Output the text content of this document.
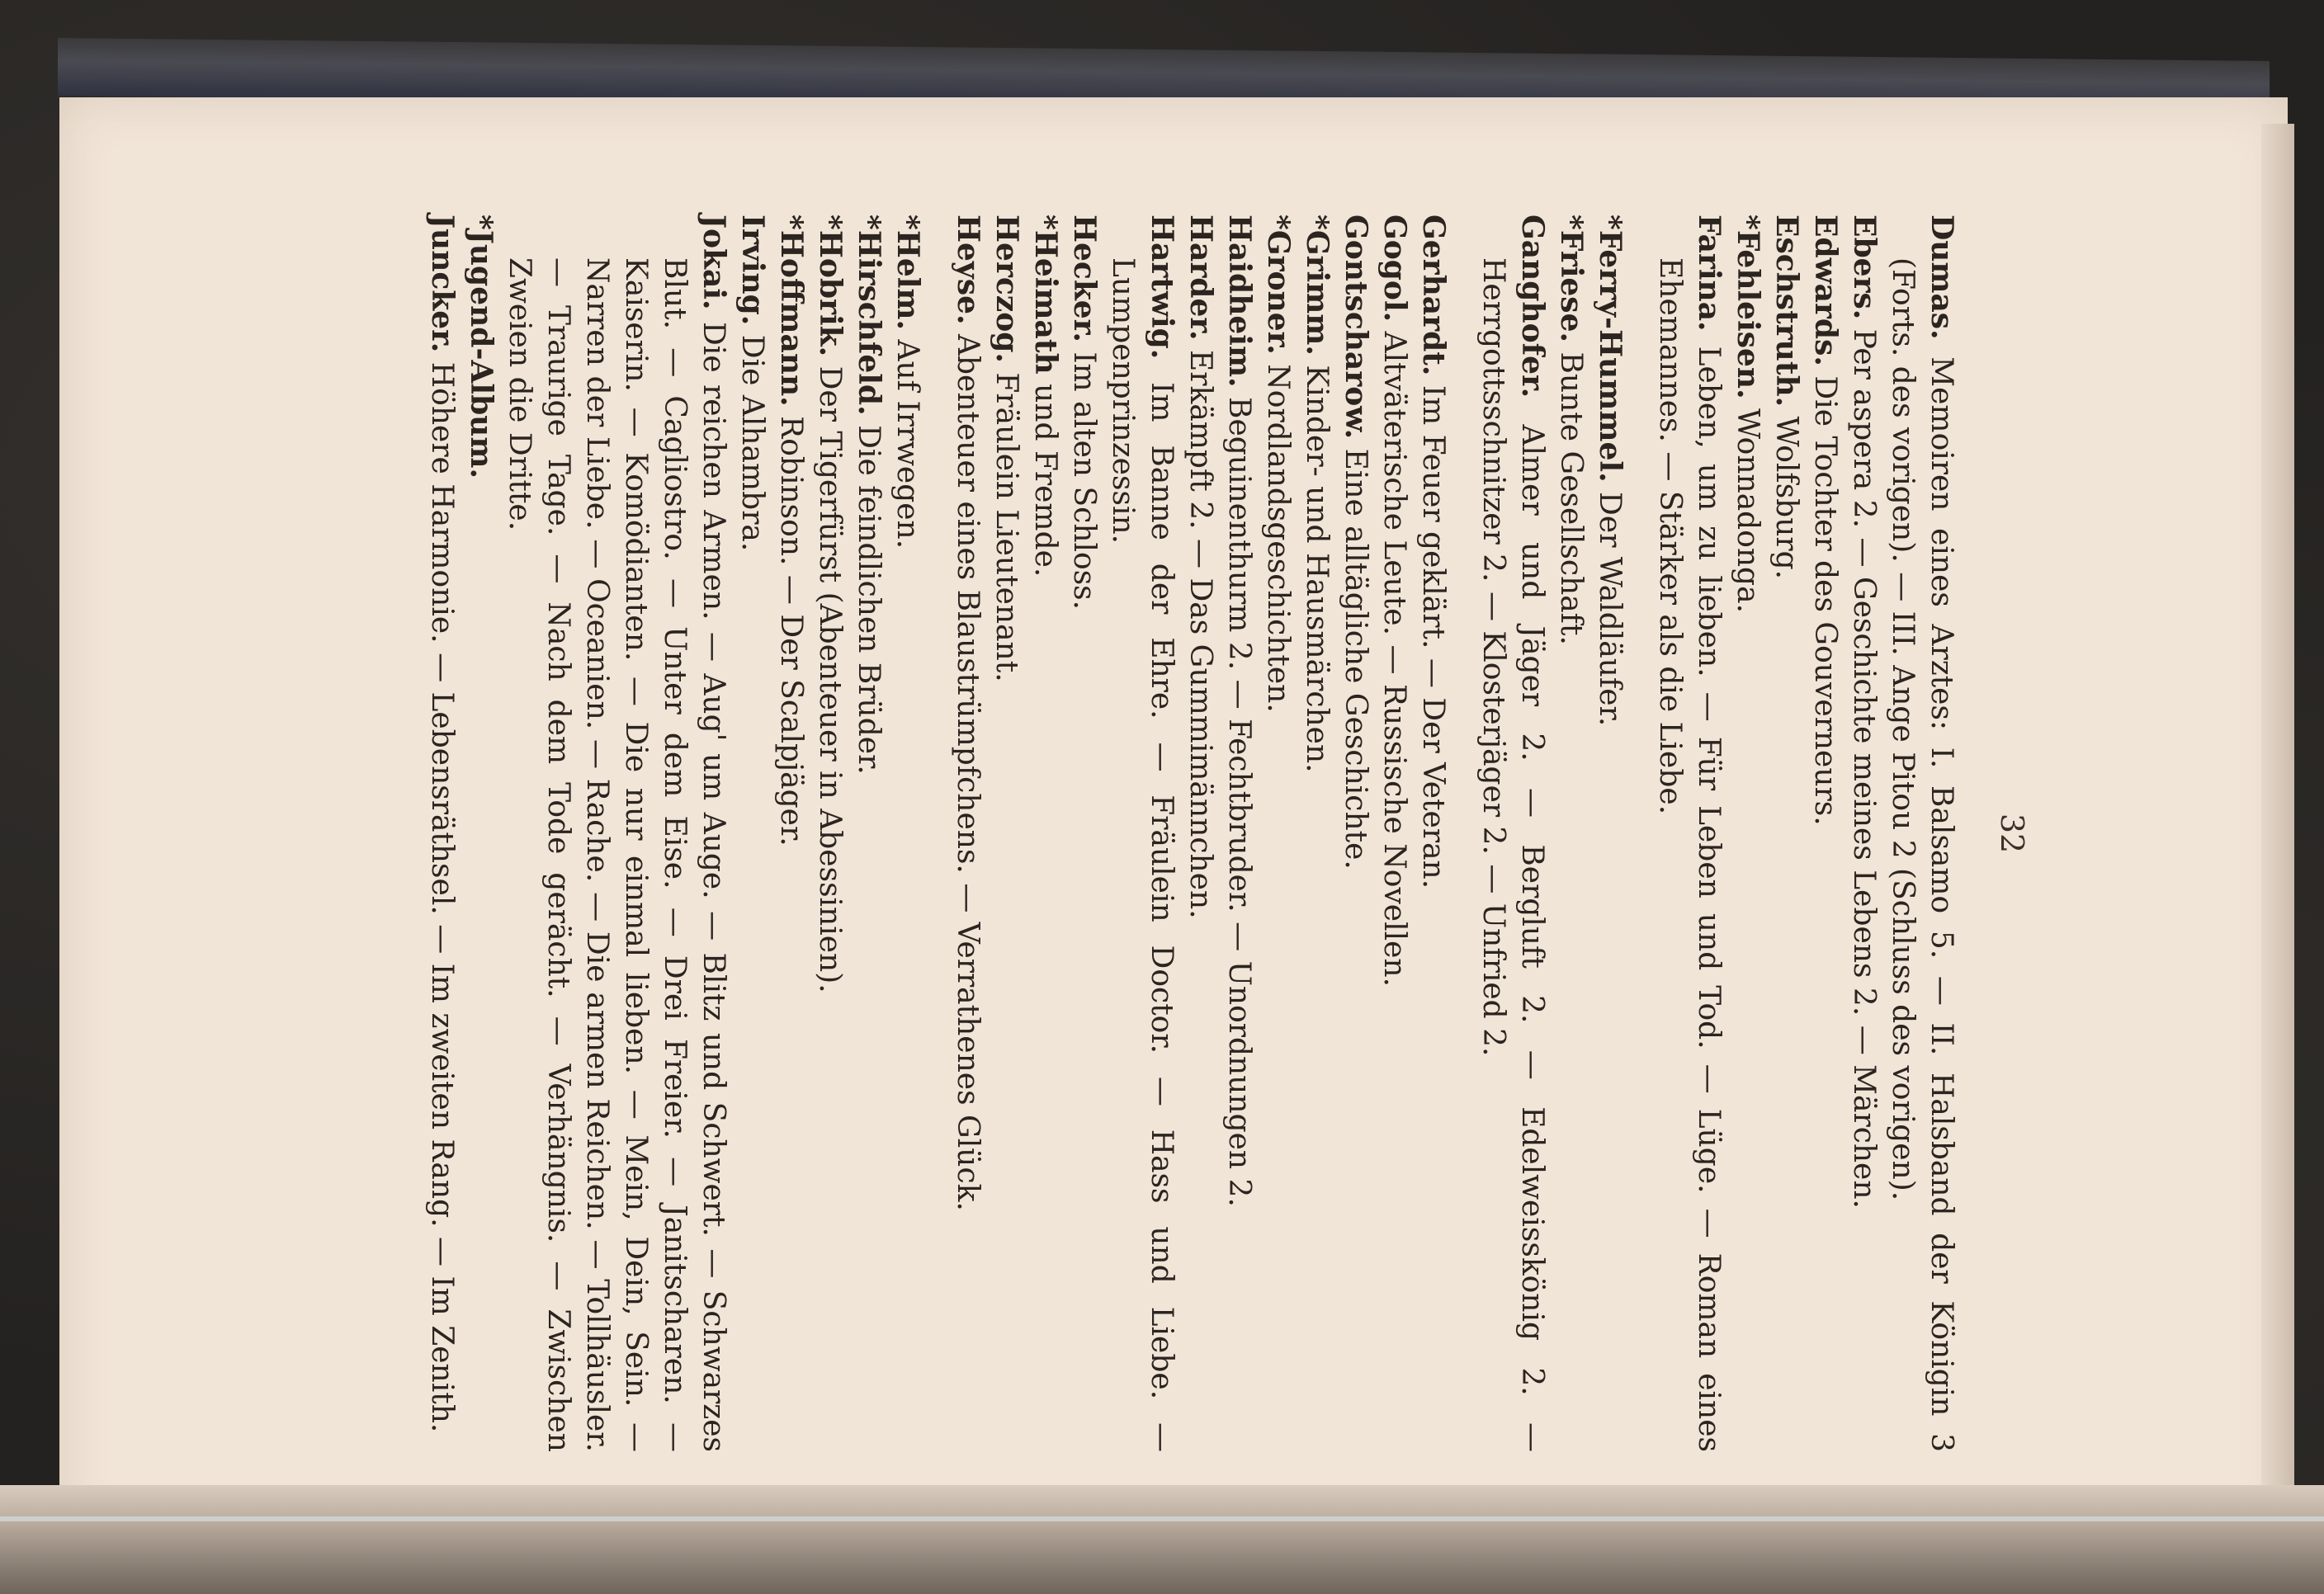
32

Dumas. Memoiren eines Arztes: I. Balsamo 5. — II. Halsband der Königin 3 (Forts. des vorigen). — III. Ange Pitou 2 (Schluss des vorigen).

Ebers. Per aspera 2. — Geschichte meines Lebens 2. — Märchen.

Edwards. Die Tochter des Gouverneurs.

Eschstruth. Wolfsburg.

*Fehleisen. Wonnadonga.

Farina. Leben, um zu lieben. — Für Leben und Tod. — Lüge. — Roman eines Ehemannes. — Stärker als die Liebe.

*Ferry-Hummel. Der Waldläufer.

*Friese. Bunte Gesellschaft.

Ganghofer. Almer und Jäger 2. — Bergluft 2. — Edelweisskönig 2. — Herrgottsschnitzer 2. — Klosterjäger 2. — Unfried 2.

Gerhardt. Im Feuer geklärt. — Der Veteran.

Gogol. Altväterische Leute. — Russische Novellen.

Gontscharow. Eine alltägliche Geschichte.

*Grimm. Kinder- und Hausmärchen.

*Groner. Nordlandsgeschichten.

Haidheim. Beguinenthurm 2. — Fechtbruder. — Unordnungen 2.

Harder. Erkämpft 2. — Das Gummimännchen.

Hartwig. Im Banne der Ehre. — Fräulein Doctor. — Hass und Liebe. — Lumpenprinzessin.

Hecker. Im alten Schloss.

*Heimath und Fremde.

Herczog. Fräulein Lieutenant.

Heyse. Abenteuer eines Blaustrümpfchens. — Verrathenes Glück.

*Helm. Auf Irrwegen.

*Hirschfeld. Die feindlichen Brüder.

*Hobrik. Der Tigerfürst (Abenteuer in Abessinien).

*Hoffmann. Robinson. — Der Scalpjäger.

Irving. Die Alhambra.

Jokai. Die reichen Armen. — Aug' um Auge. — Blitz und Schwert. — Schwarzes Blut. — Cagliostro. — Unter dem Eise. — Drei Freier. — Janitscharen. — Kaiserin. — Komödianten. — Die nur einmal lieben. — Mein, Dein, Sein. — Narren der Liebe. — Oceanien. — Rache. — Die armen Reichen. — Tollhäusler. — Traurige Tage. — Nach dem Tode gerächt. — Verhängnis. — Zwischen Zweien die Dritte.

*Jugend-Album.

Juncker. Höhere Harmonie. — Lebensräthsel. — Im zweiten Rang. — Im Zenith.
